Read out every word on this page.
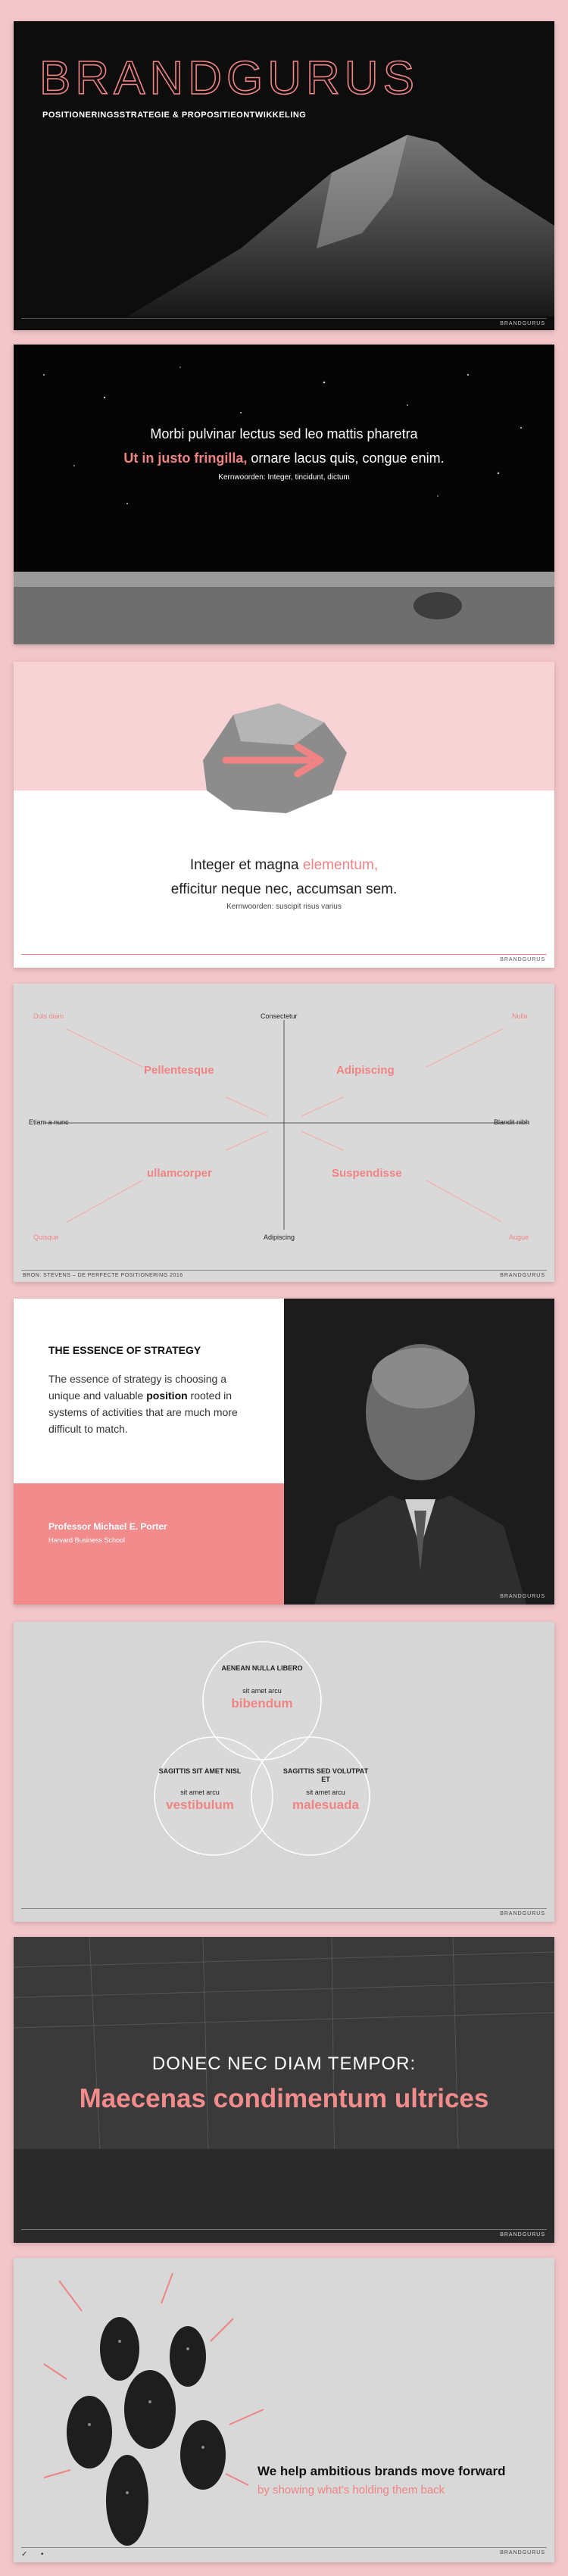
BRANDGURUS
POSITIONERINGSSTRATEGIE & PROPOSITIEONTWIKKELING
BRANDGURUS
Morbi pulvinar lectus sed leo mattis pharetra
Ut in justo fringilla, ornare lacus quis, congue enim.
Kernwoorden: Integer, tincidunt, dictum
Integer et magna elementum,
efficitur neque nec, accumsan sem.
Kernwoorden: suscipit risus varius
BRANDGURUS
Consectetur
Adipiscing
Etiam a nunc	Blandit nibh
Duis diam	Nulla
Quisque	Augue
Pellentesque	Adipiscing
ullamcorper	Suspendisse
BRON: STEVENS – DE PERFECTE POSITIONERING 2016	BRANDGURUS
THE ESSENCE OF STRATEGY
The essence of strategy is choosing a unique and valuable position rooted in systems of activities that are much more difficult to match.
Professor Michael E. Porter
Harvard Business School
BRANDGURUS
AENEAN NULLA LIBERO
sit amet arcu
bibendum
SAGITTIS SIT AMET NISL
sit amet arcu
vestibulum
SAGITTIS SED VOLUTPAT ET
sit amet arcu
malesuada
BRANDGURUS
DONEC NEC DIAM TEMPOR:
Maecenas condimentum ultrices
BRANDGURUS
We help ambitious brands move forward
by showing what's holding them back
✓ •	BRANDGURUS
